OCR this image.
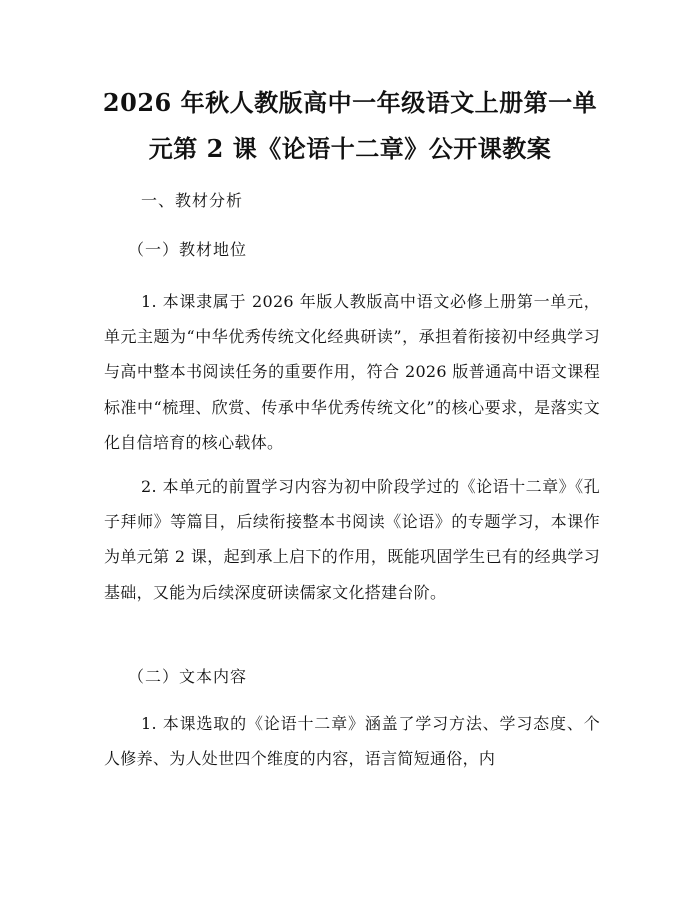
2026 年秋人教版高中一年级语文上册第一单
元第 2 课《论语十二章》公开课教案
一、教材分析
（一）教材地位
1. 本课隶属于 2026 年版人教版高中语文必修上册第一单元，单元主题为“中华优秀传统文化经典研读”，承担着衔接初中经典学习与高中整本书阅读任务的重要作用，符合 2026 版普通高中语文课程标准中“梳理、欣赏、传承中华优秀传统文化”的核心要求，是落实文化自信培育的核心载体。
2. 本单元的前置学习内容为初中阶段学过的《论语十二章》《孔子拜师》等篇目，后续衔接整本书阅读《论语》的专题学习，本课作为单元第 2 课，起到承上启下的作用，既能巩固学生已有的经典学习基础，又能为后续深度研读儒家文化搭建台阶。
（二）文本内容
1. 本课选取的《论语十二章》涵盖了学习方法、学习态度、个人修养、为人处世四个维度的内容，语言简短通俗，内
